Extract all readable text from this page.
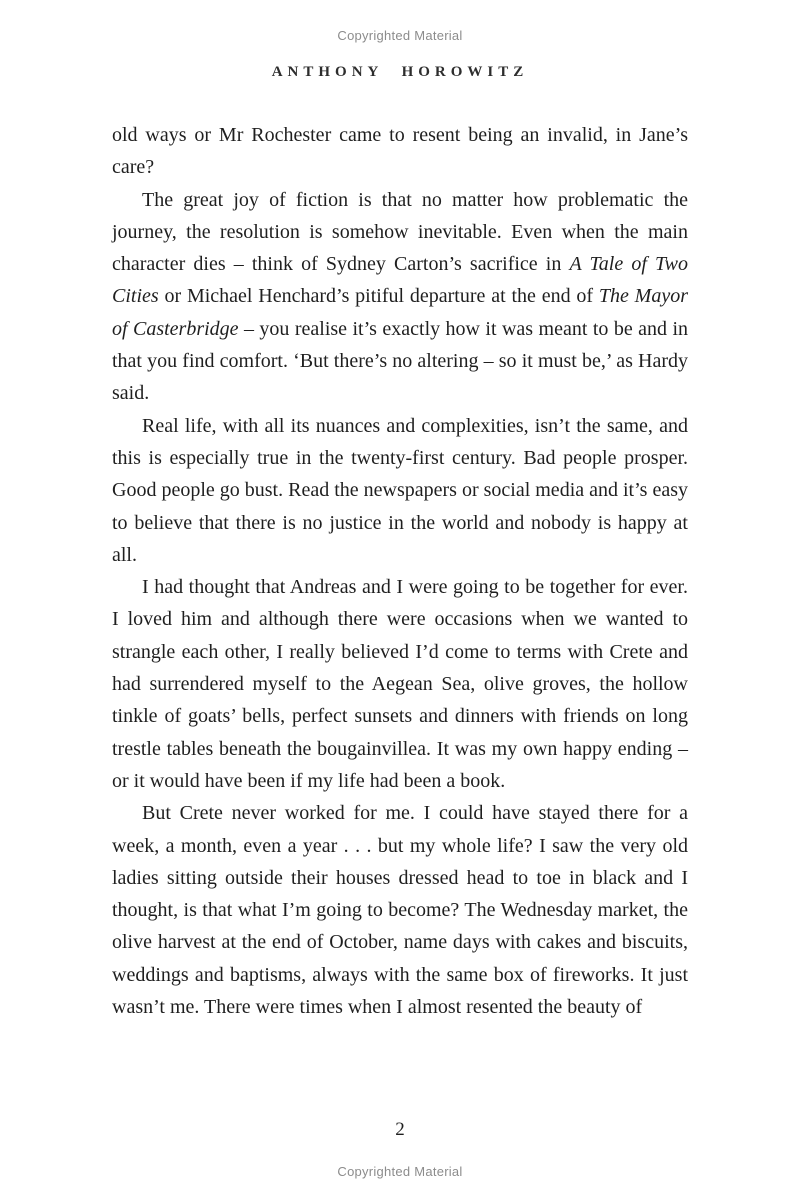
Copyrighted Material
ANTHONY HOROWITZ

old ways or Mr Rochester came to resent being an invalid, in Jane’s care?

The great joy of fiction is that no matter how problematic the journey, the resolution is somehow inevitable. Even when the main character dies – think of Sydney Carton’s sacrifice in A Tale of Two Cities or Michael Henchard’s pitiful departure at the end of The Mayor of Casterbridge – you realise it’s exactly how it was meant to be and in that you find comfort. ‘But there’s no altering – so it must be,’ as Hardy said.

Real life, with all its nuances and complexities, isn’t the same, and this is especially true in the twenty-first century. Bad people prosper. Good people go bust. Read the newspapers or social media and it’s easy to believe that there is no justice in the world and nobody is happy at all.

I had thought that Andreas and I were going to be together for ever. I loved him and although there were occasions when we wanted to strangle each other, I really believed I’d come to terms with Crete and had surrendered myself to the Aegean Sea, olive groves, the hollow tinkle of goats’ bells, perfect sunsets and dinners with friends on long trestle tables beneath the bougainvillea. It was my own happy ending – or it would have been if my life had been a book.

But Crete never worked for me. I could have stayed there for a week, a month, even a year . . . but my whole life? I saw the very old ladies sitting outside their houses dressed head to toe in black and I thought, is that what I’m going to become? The Wednesday market, the olive harvest at the end of October, name days with cakes and biscuits, weddings and baptisms, always with the same box of fireworks. It just wasn’t me. There were times when I almost resented the beauty of

2
Copyrighted Material
